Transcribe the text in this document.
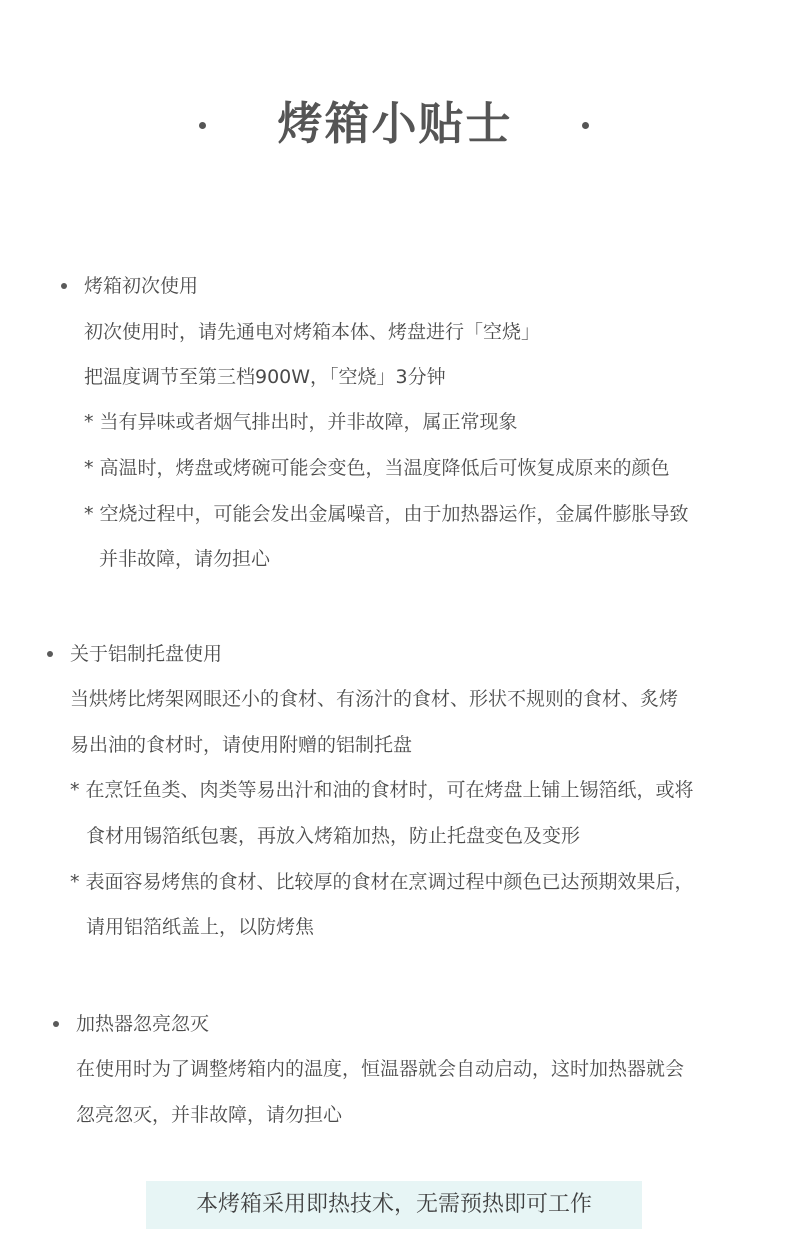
烤箱小贴士
烤箱初次使用
初次使用时，请先通电对烤箱本体、烤盘进行「空烧」
把温度调节至第三档900W，「空烧」3分钟
* 当有异味或者烟气排出时，并非故障，属正常现象
* 高温时，烤盘或烤碗可能会变色，当温度降低后可恢复成原来的颜色
* 空烧过程中，可能会发出金属噪音，由于加热器运作，金属件膨胀导致
并非故障，请勿担心
关于铝制托盘使用
当烘烤比烤架网眼还小的食材、有汤汁的食材、形状不规则的食材、炙烤
易出油的食材时，请使用附赠的铝制托盘
* 在烹饪鱼类、肉类等易出汁和油的食材时，可在烤盘上铺上锡箔纸，或将
食材用锡箔纸包裹，再放入烤箱加热，防止托盘变色及变形
* 表面容易烤焦的食材、比较厚的食材在烹调过程中颜色已达预期效果后，
请用铝箔纸盖上，以防烤焦
加热器忽亮忽灭
在使用时为了调整烤箱内的温度，恒温器就会自动启动，这时加热器就会
忽亮忽灭，并非故障，请勿担心
本烤箱采用即热技术，无需预热即可工作
